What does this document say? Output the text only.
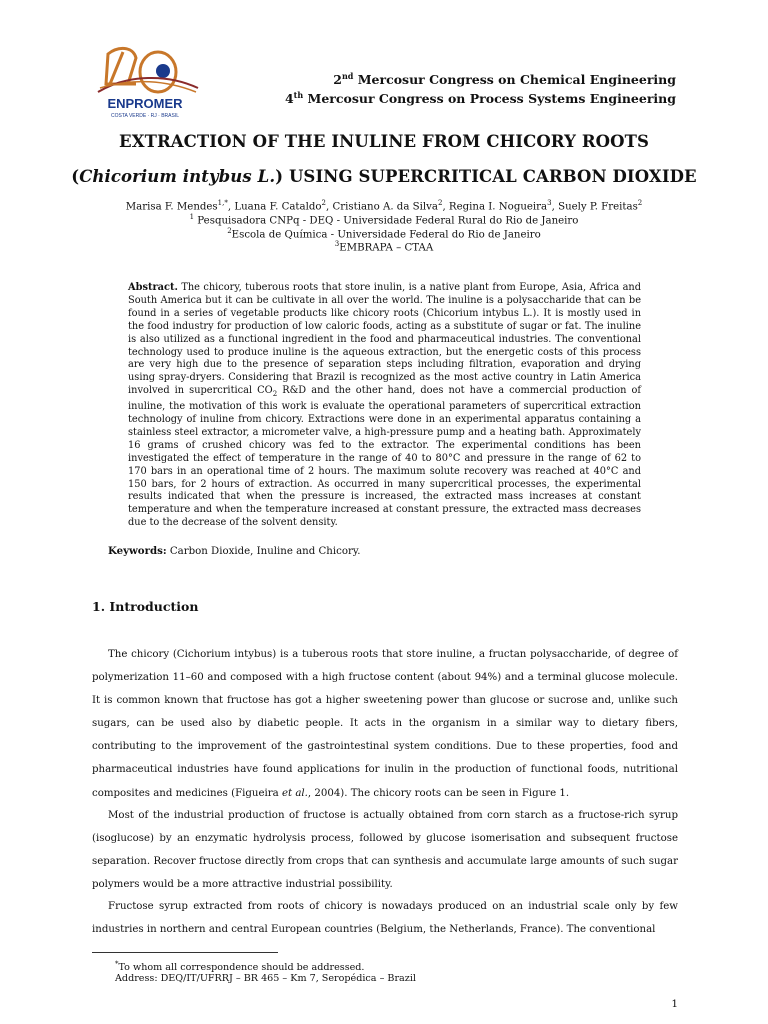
ENPROMER
COSTA VERDE · RJ · BRASIL
2nd Mercosur Congress on Chemical Engineering
4th Mercosur Congress on Process Systems Engineering
EXTRACTION OF THE INULINE FROM CHICORY ROOTS
(Chicorium intybus L.) USING SUPERCRITICAL CARBON DIOXIDE
Marisa F. Mendes$^{1,*}$, Luana F. Cataldo$^2$, Cristiano A. da Silva$^2$, Regina I. Nogueira$^3$, Suely P. Freitas$^2$
$^1$ Pesquisadora CNPq - DEQ - Universidade Federal Rural do Rio de Janeiro
$^2$Escola de Química - Universidade Federal do Rio de Janeiro
$^3$EMBRAPA – CTAA
Abstract. The chicory, tuberous roots that store inulin, is a native plant from Europe, Asia, Africa and South America but it can be cultivate in all over the world. The inuline is a polysaccharide that can be found in a series of vegetable products like chicory roots (Chicorium intybus L.). It is mostly used in the food industry for production of low caloric foods, acting as a substitute of sugar or fat. The inuline is also utilized as a functional ingredient in the food and pharmaceutical industries. The conventional technology used to produce inuline is the aqueous extraction, but the energetic costs of this process are very high due to the presence of separation steps including filtration, evaporation and drying using spray-dryers. Considering that Brazil is recognized as the most active country in Latin America involved in supercritical $CO_2$ R&D and the other hand, does not have a commercial production of inuline, the motivation of this work is evaluate the operational parameters of supercritical extraction technology of inuline from chicory. Extractions were done in an experimental apparatus containing a stainless steel extractor, a micrometer valve, a high-pressure pump and a heating bath. Approximately 16 grams of crushed chicory was fed to the extractor. The experimental conditions has been investigated the effect of temperature in the range of 40 to 80°C and pressure in the range of 62 to 170 bars in an operational time of 2 hours. The maximum solute recovery was reached at 40°C and 150 bars, for 2 hours of extraction. As occurred in many supercritical processes, the experimental results indicated that when the pressure is increased, the extracted mass increases at constant temperature and when the temperature increased at constant pressure, the extracted mass decreases due to the decrease of the solvent density.
Keywords: Carbon Dioxide, Inuline and Chicory.
1. Introduction
The chicory (Cichorium intybus) is a tuberous roots that store inuline, a fructan polysaccharide, of degree of polymerization 11–60 and composed with a high fructose content (about 94%) and a terminal glucose molecule. It is common known that fructose has got a higher sweetening power than glucose or sucrose and, unlike such sugars, can be used also by diabetic people. It acts in the organism in a similar way to dietary fibers, contributing to the improvement of the gastrointestinal system conditions. Due to these properties, food and pharmaceutical industries have found applications for inulin in the production of functional foods, nutritional composites and medicines (Figueira et al., 2004). The chicory roots can be seen in Figure 1.
Most of the industrial production of fructose is actually obtained from corn starch as a fructose-rich syrup (isoglucose) by an enzymatic hydrolysis process, followed by glucose isomerisation and subsequent fructose separation. Recover fructose directly from crops that can synthesis and accumulate large amounts of such sugar polymers would be a more attractive industrial possibility.
Fructose syrup extracted from roots of chicory is nowadays produced on an industrial scale only by few industries in northern and central European countries (Belgium, the Netherlands, France). The conventional
*To whom all correspondence should be addressed.
Address: DEQ/IT/UFRRJ – BR 465 – Km 7, Seropédica – Brazil
1
